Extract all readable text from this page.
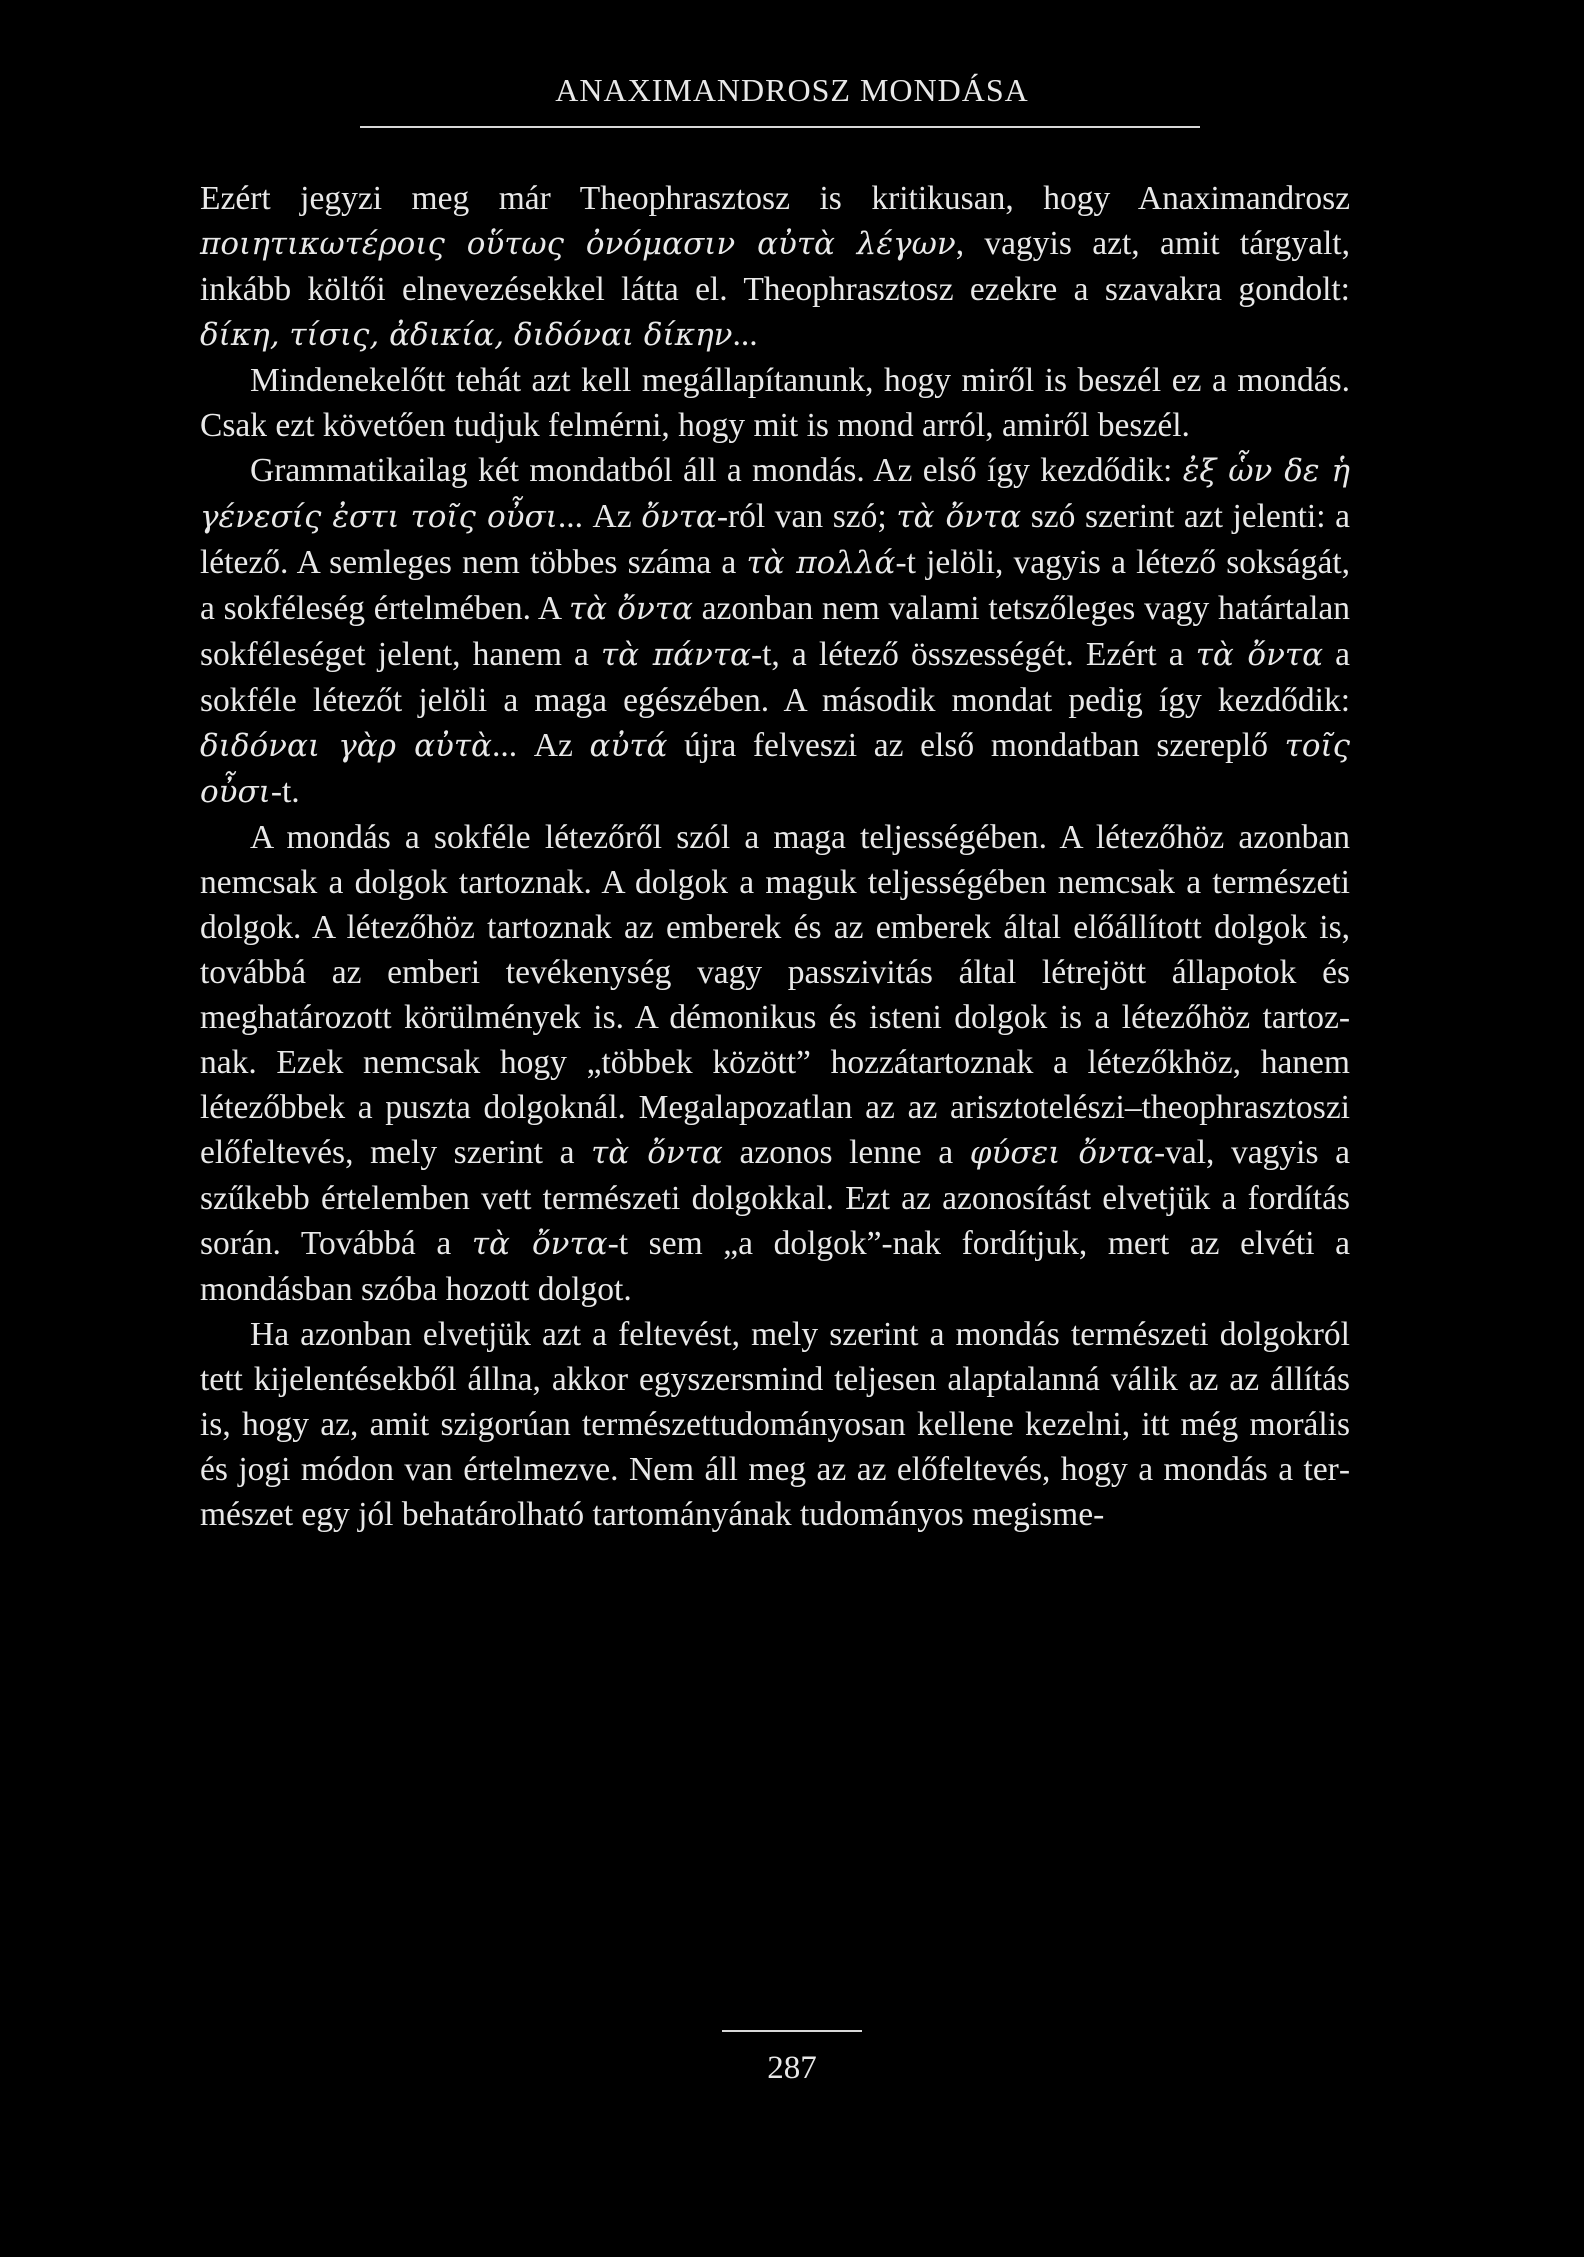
ANAXIMANDROSZ MONDÁSA

Ezért jegyzi meg már Theophrasztosz is kritikusan, hogy Anaximandrosz ποιητικωτέροις οὕτως ὀνόμασιν αὐτὰ λέγων, vagyis azt, amit tárgyalt, inkább költői elnevezésekkel látta el. Theophrasztosz ezekre a szavakra gondolt: δίκη, τίσις, ἀδικία, διδόναι δίκην...

Mindenekelőtt tehát azt kell megállapítanunk, hogy miről is beszél ez a mondás. Csak ezt követően tudjuk felmérni, hogy mit is mond arról, amiről beszél.

Grammatikailag két mondatból áll a mondás. Az első így kezdődik: ἐξ ὧν δε ἡ γένεσίς ἐστι τοῖς οὖσι... Az ὄντα-ról van szó; τὰ ὄντα szó szerint azt jelenti: a létező. A semleges nem többes száma a τὰ πολλά-t jelöli, vagyis a létező sokságát, a sokféleség értelmében. A τὰ ὄντα azonban nem valami tetszőleges vagy határtalan sokféleséget jelent, hanem a τὰ πάντα-t, a létező összességét. Ezért a τὰ ὄντα a sokféle létezőt jelöli a maga egészében. A második mondat pedig így kezdődik: διδόναι γὰρ αὐτὰ... Az αὐτά újra felveszi az első mondatban szereplő τοῖς οὖσι-t.

A mondás a sokféle létezőről szól a maga teljességében. A létezőhöz azonban nemcsak a dolgok tartoznak. A dolgok a maguk teljességében nemcsak a természeti dolgok. A létezőhöz tartoznak az emberek és az emberek által előállított dolgok is, továbbá az emberi tevékenység vagy passzivitás által létrejött állapotok és meghatározott körülmények is. A démonikus és isteni dolgok is a létezőhöz tartoznak. Ezek nemcsak hogy „többek között” hozzátartoznak a létezőkhöz, hanem létezőbbek a puszta dolgoknál. Megalapozatlan az az arisztotelészi–theophrasztoszi előfeltevés, mely szerint a τὰ ὄντα azonos lenne a φύσει ὄντα-val, vagyis a szűkebb értelemben vett természeti dolgokkal. Ezt az azonosítást elvetjük a fordítás során. Továbbá a τὰ ὄντα-t sem „a dolgok”-nak fordítjuk, mert az elvéti a mondásban szóba hozott dolgot.

Ha azonban elvetjük azt a feltevést, mely szerint a mondás természeti dolgokról tett kijelentésekből állna, akkor egyszersmind teljesen alaptalanná válik az az állítás is, hogy az, amit szigorúan természettudományosan kellene kezelni, itt még morális és jogi módon van értelmezve. Nem áll meg az az előfeltevés, hogy a mondás a természet egy jól behatárolható tartományának tudományos megisme-

287
